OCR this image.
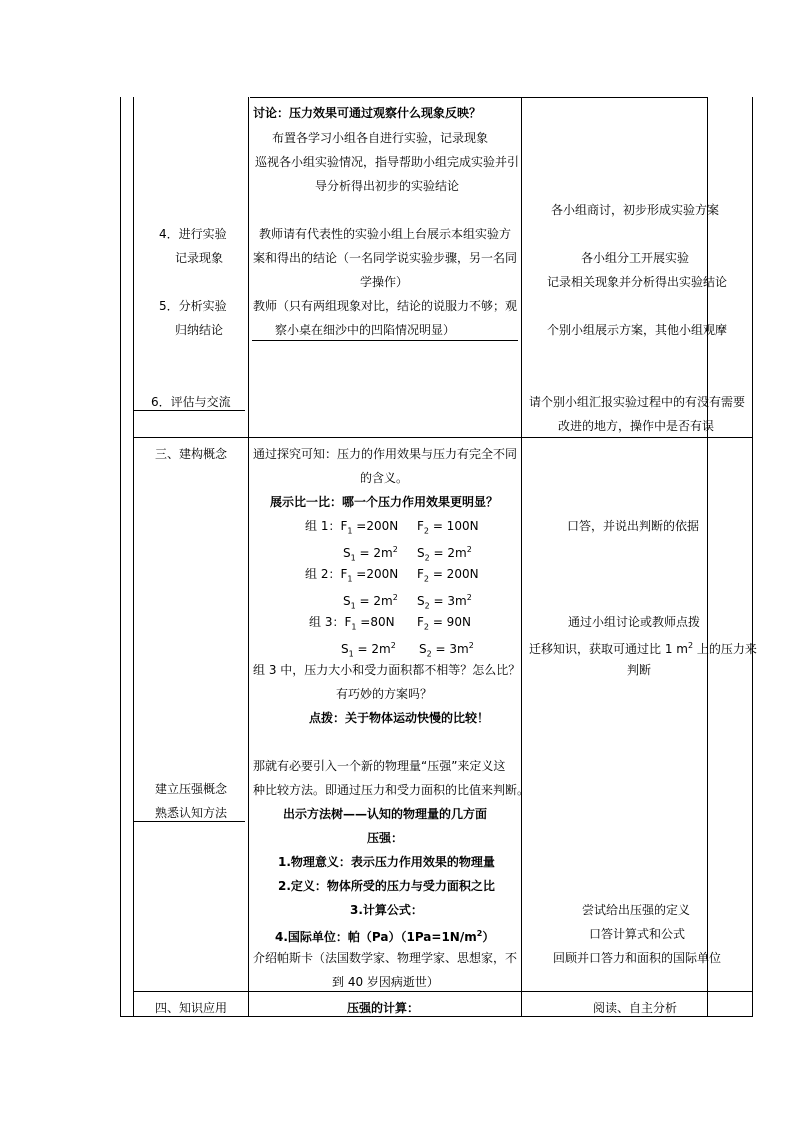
4．进行实验
记录现象
5．分析实验
归纳结论
6．评估与交流
三、建构概念
建立压强概念
熟悉认知方法
四、知识应用
讨论：压力效果可通过观察什么现象反映？
布置各学习小组各自进行实验，记录现象
巡视各小组实验情况，指导帮助小组完成实验并引
导分析得出初步的实验结论
教师请有代表性的实验小组上台展示本组实验方
案和得出的结论（一名同学说实验步骤，另一名同
学操作）
教师（只有两组现象对比，结论的说服力不够；观
察小桌在细沙中的凹陷情况明显）
通过探究可知：压力的作用效果与压力有完全不同
的含义。
展示比一比：哪一个压力作用效果更明显？
组 1：$F_1 =200N$ $F_2 = 100N$
$S_1 = 2m^2$ $S_2 = 2m^2$
组 2：$F_1 =200N$ $F_2 = 200N$
$S_1 = 2m^2$ $S_2 = 3m^2$
组 3：$F_1 =80N$ $F_2 = 90N$
$S_1 = 2m^2$ $S_2 = 3m^2$
组 3 中，压力大小和受力面积都不相等？怎么比？
有巧妙的方案吗？
点拨：关于物体运动快慢的比较！
那就有必要引入一个新的物理量“压强”来定义这
种比较方法。即通过压力和受力面积的比值来判断。
出示方法树——认知的物理量的几方面
压强：
1.物理意义：表示压力作用效果的物理量
2.定义：物体所受的压力与受力面积之比
3.计算公式：
4.国际单位：帕$(Pa)(1Pa=1N/m^2)$
介绍帕斯卡（法国数学家、物理学家、思想家，不
到 40 岁因病逝世）
压强的计算：
各小组商讨，初步形成实验方案
各小组分工开展实验
记录相关现象并分析得出实验结论
个别小组展示方案，其他小组观摩
请个别小组汇报实验过程中的有没有需要
改进的地方，操作中是否有误
口答，并说出判断的依据
通过小组讨论或教师点拨
迁移知识，获取可通过比 1 $m^2$ 上的压力来
判断
尝试给出压强的定义
口答计算式和公式
回顾并口答力和面积的国际单位
阅读、自主分析
